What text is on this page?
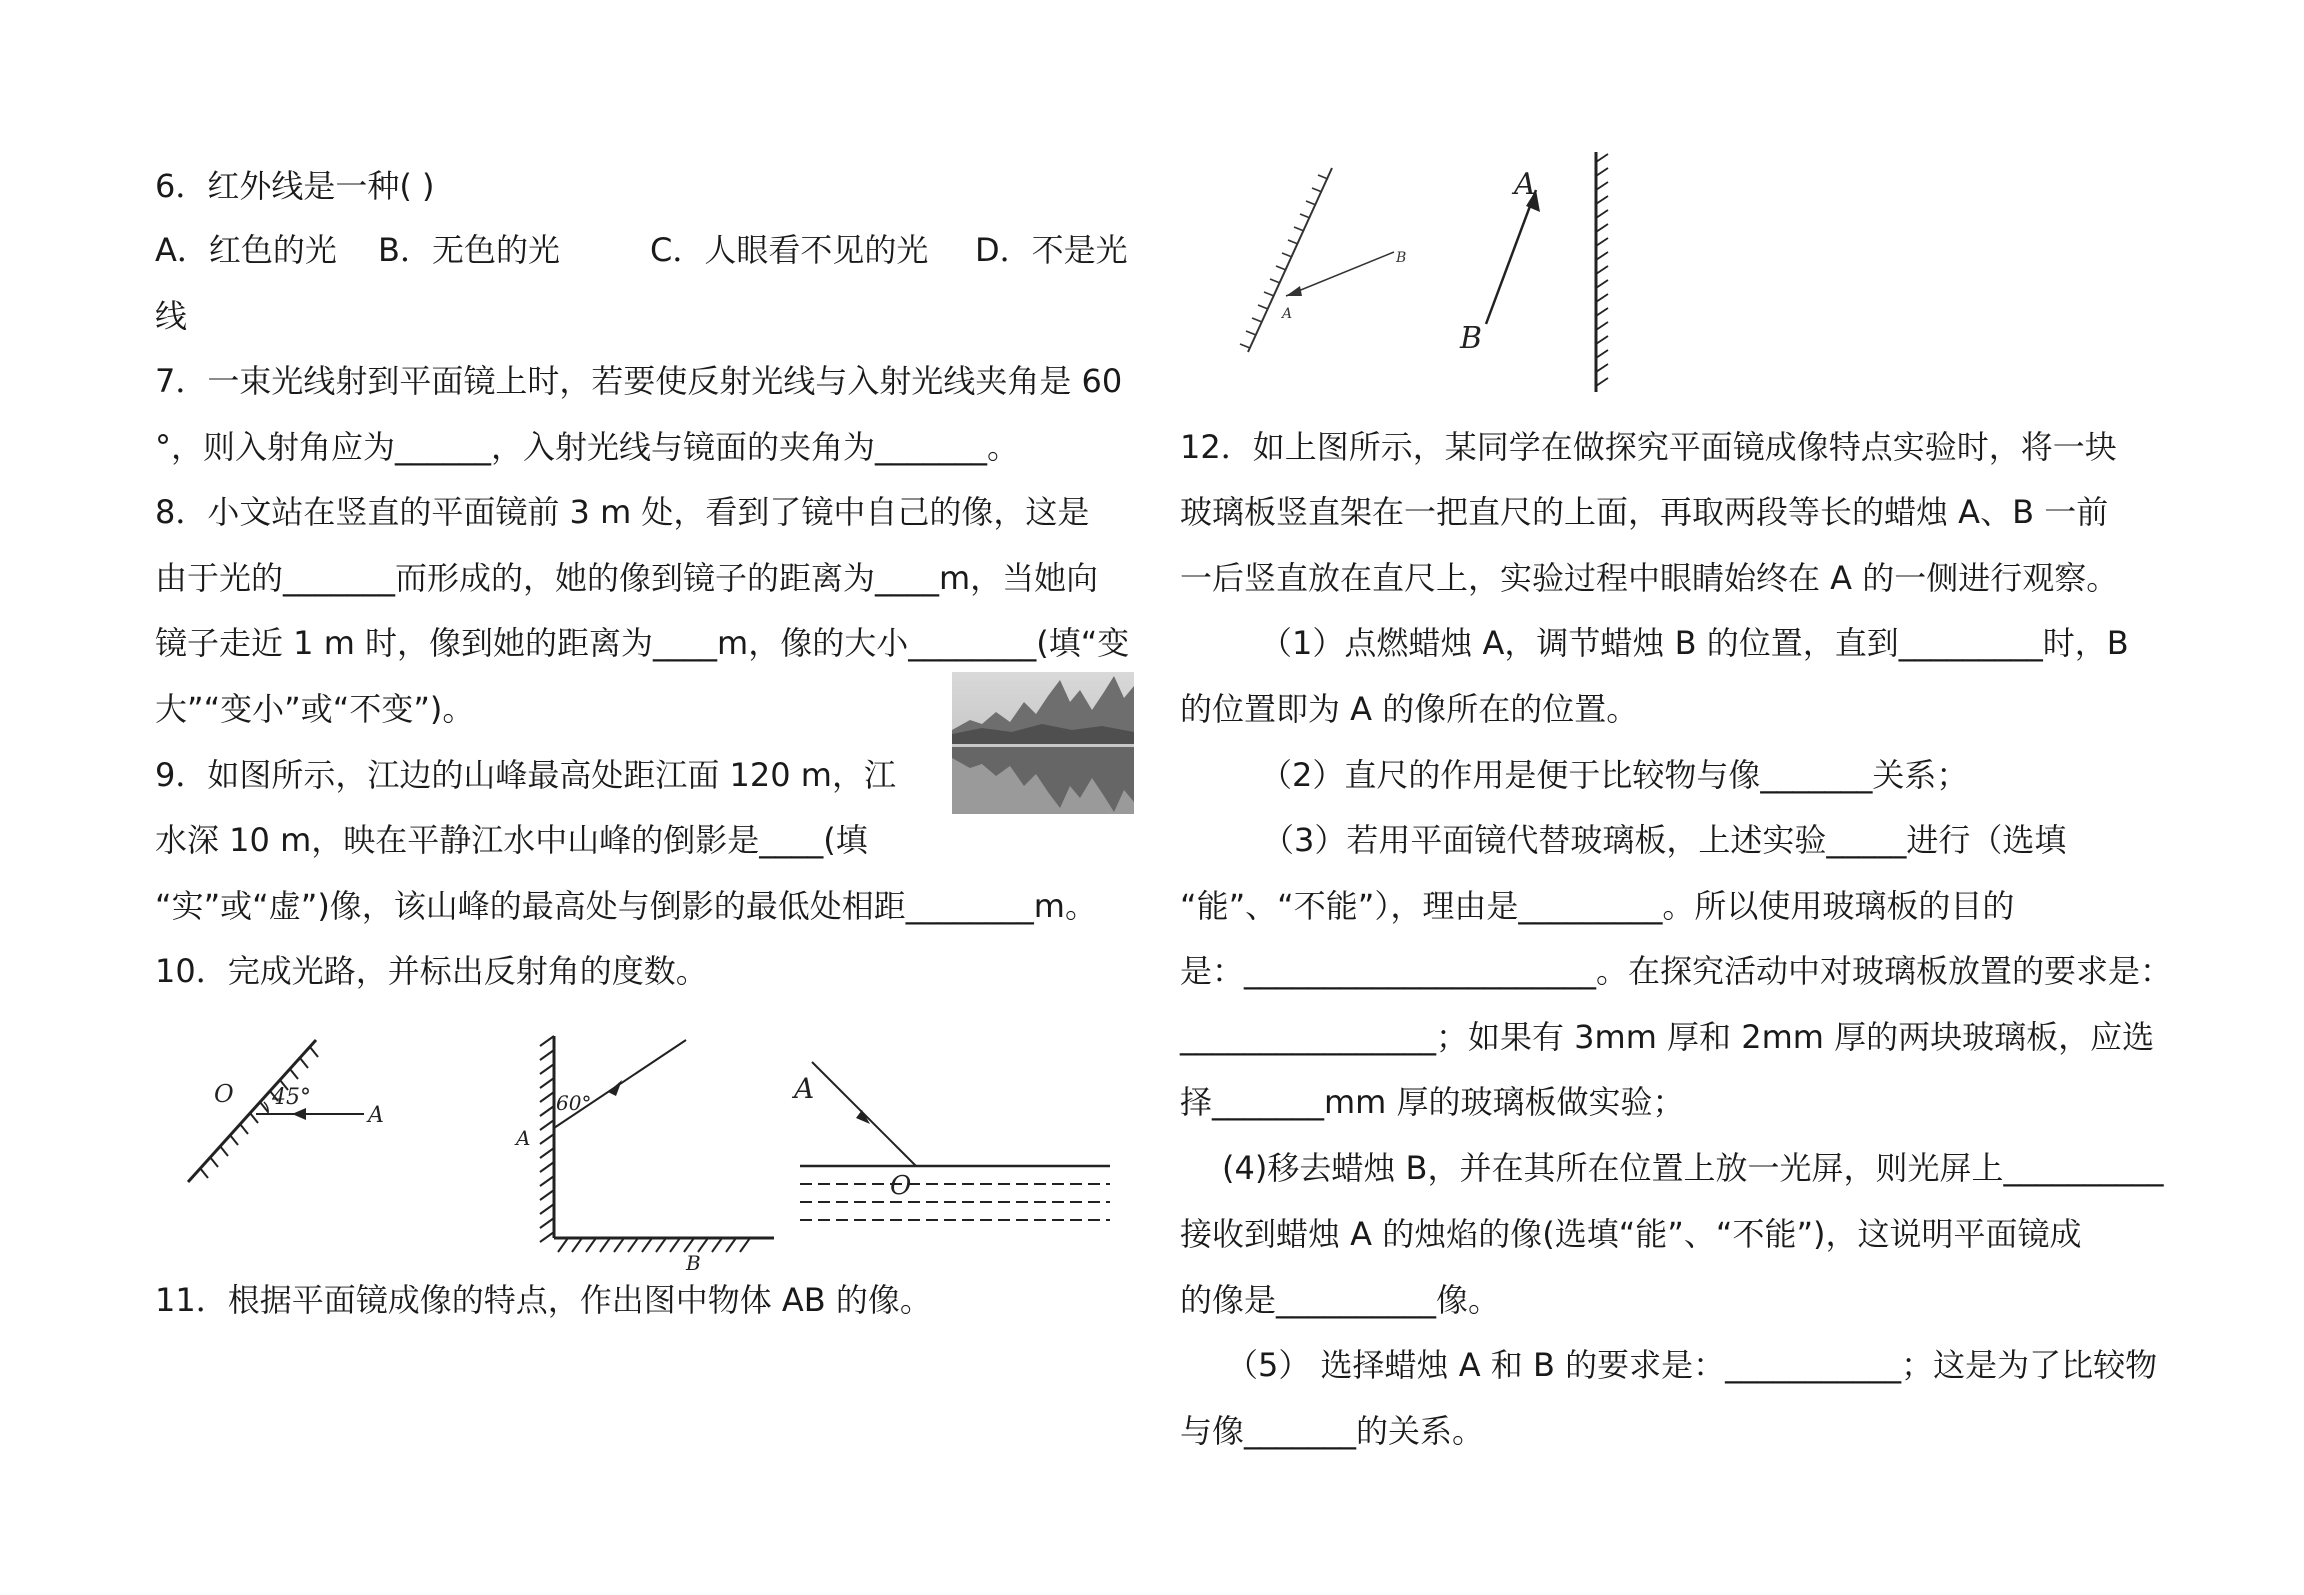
6．红外线是一种( )
A．红色的光 B．无色的光	C．人眼看不见的光 D．不是光
线
7．一束光线射到平面镜上时，若要使反射光线与入射光线夹角是 60
°，则入射角应为______，入射光线与镜面的夹角为_______。
8．小文站在竖直的平面镜前 3 m 处，看到了镜中自己的像，这是
由于光的_______而形成的，她的像到镜子的距离为____m，当她向
镜子走近 1 m 时，像到她的距离为____m，像的大小________(填“变
大”“变小”或“不变”)。
9．如图所示，江边的山峰最高处距江面 120 m，江
水深 10 m，映在平静江水中山峰的倒影是____(填
“实”或“虚”)像，该山峰的最高处与倒影的最低处相距________m。
10．完成光路，并标出反射角的度数。
O 45°
A	60°
A
B
A
O
11．根据平面镜成像的特点，作出图中物体 AB 的像。
B
A
A
B
12．如上图所示，某同学在做探究平面镜成像特点实验时，将一块
玻璃板竖直架在一把直尺的上面，再取两段等长的蜡烛 A、B 一前
一后竖直放在直尺上，实验过程中眼睛始终在 A 的一侧进行观察。
（1）点燃蜡烛 A，调节蜡烛 B 的位置，直到_________时，B
的位置即为 A 的像所在的位置。
（2）直尺的作用是便于比较物与像_______关系；
（3）若用平面镜代替玻璃板，上述实验_____进行（选填
“能”、“不能”），理由是_________。所以使用玻璃板的目的
是：______________________。在探究活动中对玻璃板放置的要求是：
________________；如果有 3mm 厚和 2mm 厚的两块玻璃板，应选
择_______mm 厚的玻璃板做实验；
(4)移去蜡烛 B，并在其所在位置上放一光屏，则光屏上__________
接收到蜡烛 A 的烛焰的像(选填“能”、“不能”)，这说明平面镜成
的像是__________像。
（5） 选择蜡烛 A 和 B 的要求是：___________；这是为了比较物
与像_______的关系。
